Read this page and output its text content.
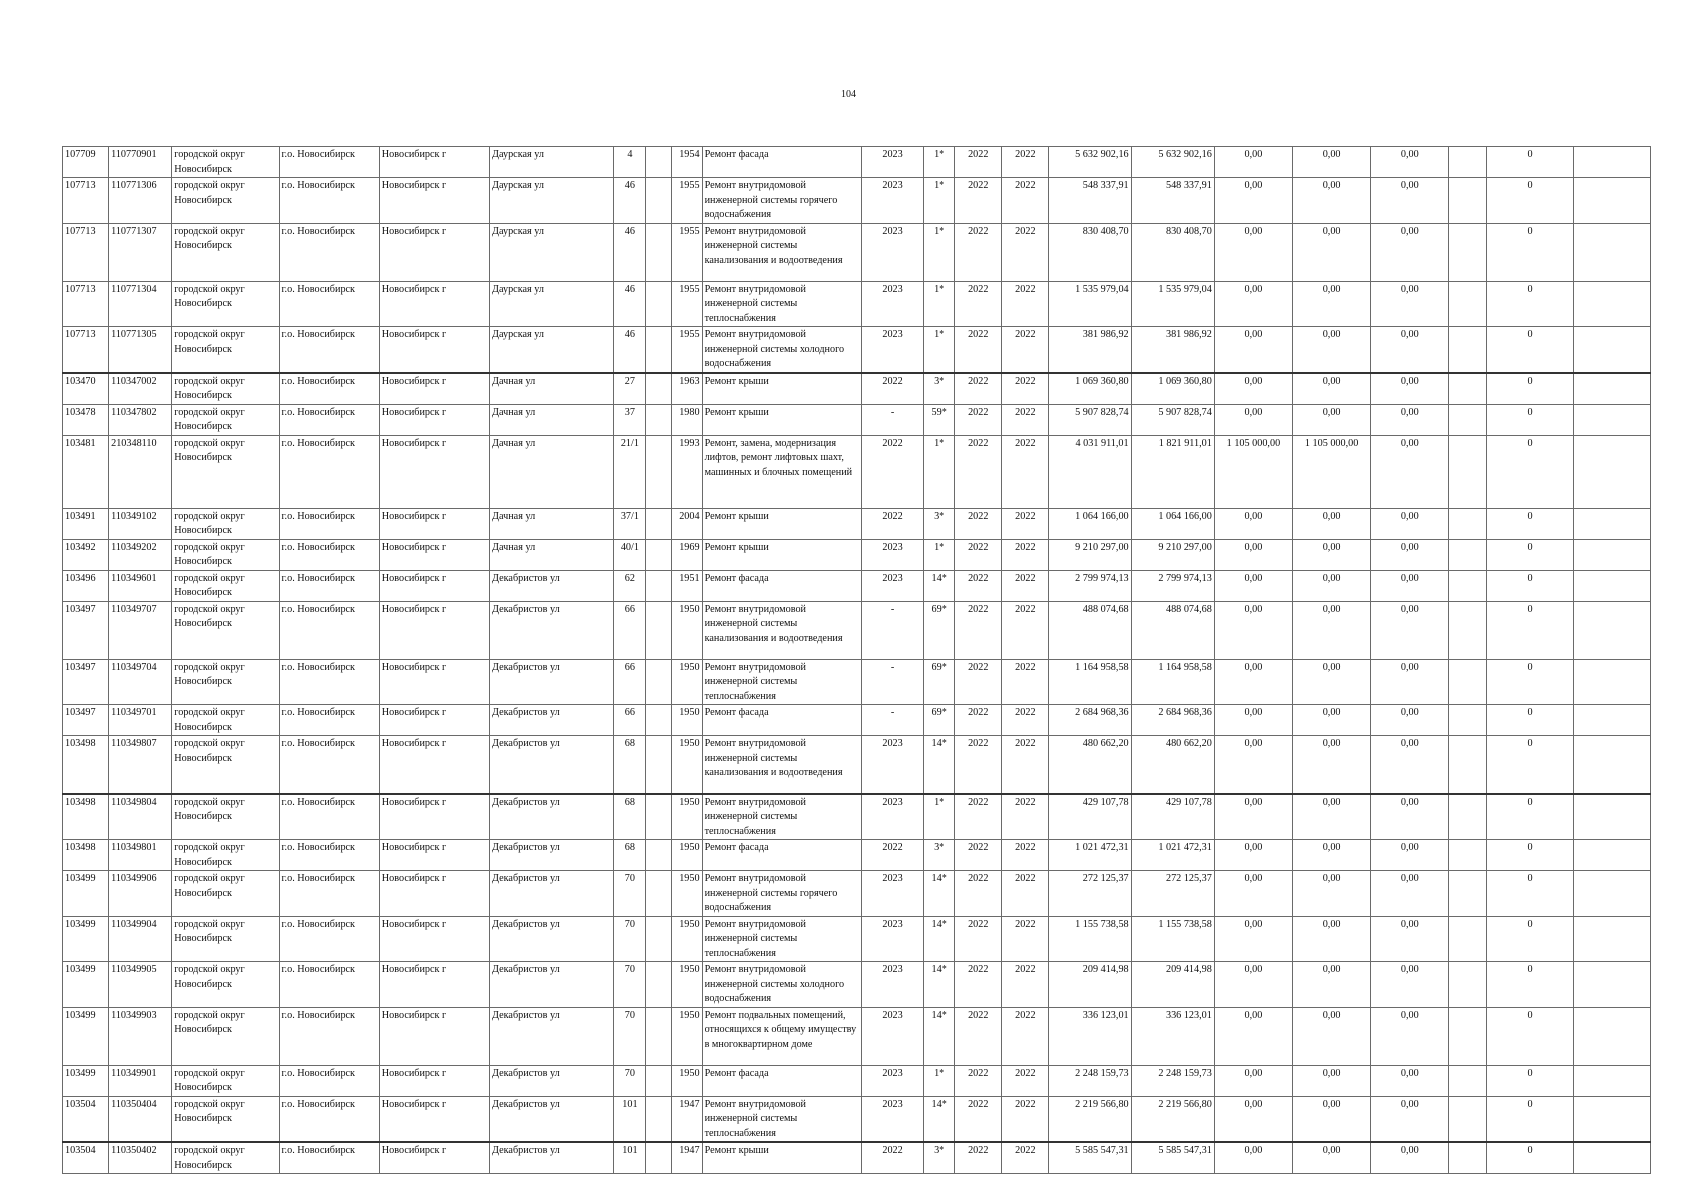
104
107709	110770901	городской округ Новосибирск	г.о. Новосибирск	Новосибирск г	Даурская ул	4		1954	Ремонт фасада	2023	1*	2022	2022	5 632 902,16	5 632 902,16	0,00	0,00	0,00		0	
107713	110771306	городской округ Новосибирск	г.о. Новосибирск	Новосибирск г	Даурская ул	46		1955	Ремонт внутридомовой инженерной системы горячего водоснабжения	2023	1*	2022	2022	548 337,91	548 337,91	0,00	0,00	0,00		0	
107713	110771307	городской округ Новосибирск	г.о. Новосибирск	Новосибирск г	Даурская ул	46		1955	Ремонт внутридомовой инженерной системы канализования и водоотведения	2023	1*	2022	2022	830 408,70	830 408,70	0,00	0,00	0,00		0	
107713	110771304	городской округ Новосибирск	г.о. Новосибирск	Новосибирск г	Даурская ул	46		1955	Ремонт внутридомовой инженерной системы теплоснабжения	2023	1*	2022	2022	1 535 979,04	1 535 979,04	0,00	0,00	0,00		0	
107713	110771305	городской округ Новосибирск	г.о. Новосибирск	Новосибирск г	Даурская ул	46		1955	Ремонт внутридомовой инженерной системы холодного водоснабжения	2023	1*	2022	2022	381 986,92	381 986,92	0,00	0,00	0,00		0	
103470	110347002	городской округ Новосибирск	г.о. Новосибирск	Новосибирск г	Дачная ул	27		1963	Ремонт крыши	2022	3*	2022	2022	1 069 360,80	1 069 360,80	0,00	0,00	0,00		0	
103478	110347802	городской округ Новосибирск	г.о. Новосибирск	Новосибирск г	Дачная ул	37		1980	Ремонт крыши	-	59*	2022	2022	5 907 828,74	5 907 828,74	0,00	0,00	0,00		0	
103481	210348110	городской округ Новосибирск	г.о. Новосибирск	Новосибирск г	Дачная ул	21/1		1993	Ремонт, замена, модернизация лифтов, ремонт лифтовых шахт, машинных и блочных помещений	2022	1*	2022	2022	4 031 911,01	1 821 911,01	1 105 000,00	1 105 000,00	0,00		0	
103491	110349102	городской округ Новосибирск	г.о. Новосибирск	Новосибирск г	Дачная ул	37/1		2004	Ремонт крыши	2022	3*	2022	2022	1 064 166,00	1 064 166,00	0,00	0,00	0,00		0	
103492	110349202	городской округ Новосибирск	г.о. Новосибирск	Новосибирск г	Дачная ул	40/1		1969	Ремонт крыши	2023	1*	2022	2022	9 210 297,00	9 210 297,00	0,00	0,00	0,00		0	
103496	110349601	городской округ Новосибирск	г.о. Новосибирск	Новосибирск г	Декабристов ул	62		1951	Ремонт фасада	2023	14*	2022	2022	2 799 974,13	2 799 974,13	0,00	0,00	0,00		0	
103497	110349707	городской округ Новосибирск	г.о. Новосибирск	Новосибирск г	Декабристов ул	66		1950	Ремонт внутридомовой инженерной системы канализования и водоотведения	-	69*	2022	2022	488 074,68	488 074,68	0,00	0,00	0,00		0	
103497	110349704	городской округ Новосибирск	г.о. Новосибирск	Новосибирск г	Декабристов ул	66		1950	Ремонт внутридомовой инженерной системы теплоснабжения	-	69*	2022	2022	1 164 958,58	1 164 958,58	0,00	0,00	0,00		0	
103497	110349701	городской округ Новосибирск	г.о. Новосибирск	Новосибирск г	Декабристов ул	66		1950	Ремонт фасада	-	69*	2022	2022	2 684 968,36	2 684 968,36	0,00	0,00	0,00		0	
103498	110349807	городской округ Новосибирск	г.о. Новосибирск	Новосибирск г	Декабристов ул	68		1950	Ремонт внутридомовой инженерной системы канализования и водоотведения	2023	14*	2022	2022	480 662,20	480 662,20	0,00	0,00	0,00		0	
103498	110349804	городской округ Новосибирск	г.о. Новосибирск	Новосибирск г	Декабристов ул	68		1950	Ремонт внутридомовой инженерной системы теплоснабжения	2023	1*	2022	2022	429 107,78	429 107,78	0,00	0,00	0,00		0	
103498	110349801	городской округ Новосибирск	г.о. Новосибирск	Новосибирск г	Декабристов ул	68		1950	Ремонт фасада	2022	3*	2022	2022	1 021 472,31	1 021 472,31	0,00	0,00	0,00		0	
103499	110349906	городской округ Новосибирск	г.о. Новосибирск	Новосибирск г	Декабристов ул	70		1950	Ремонт внутридомовой инженерной системы горячего водоснабжения	2023	14*	2022	2022	272 125,37	272 125,37	0,00	0,00	0,00		0	
103499	110349904	городской округ Новосибирск	г.о. Новосибирск	Новосибирск г	Декабристов ул	70		1950	Ремонт внутридомовой инженерной системы теплоснабжения	2023	14*	2022	2022	1 155 738,58	1 155 738,58	0,00	0,00	0,00		0	
103499	110349905	городской округ Новосибирск	г.о. Новосибирск	Новосибирск г	Декабристов ул	70		1950	Ремонт внутридомовой инженерной системы холодного водоснабжения	2023	14*	2022	2022	209 414,98	209 414,98	0,00	0,00	0,00		0	
103499	110349903	городской округ Новосибирск	г.о. Новосибирск	Новосибирск г	Декабристов ул	70		1950	Ремонт подвальных помещений, относящихся к общему имуществу в многоквартирном доме	2023	14*	2022	2022	336 123,01	336 123,01	0,00	0,00	0,00		0	
103499	110349901	городской округ Новосибирск	г.о. Новосибирск	Новосибирск г	Декабристов ул	70		1950	Ремонт фасада	2023	1*	2022	2022	2 248 159,73	2 248 159,73	0,00	0,00	0,00		0	
103504	110350404	городской округ Новосибирск	г.о. Новосибирск	Новосибирск г	Декабристов ул	101		1947	Ремонт внутридомовой инженерной системы теплоснабжения	2023	14*	2022	2022	2 219 566,80	2 219 566,80	0,00	0,00	0,00		0	
103504	110350402	городской округ Новосибирск	г.о. Новосибирск	Новосибирск г	Декабристов ул	101		1947	Ремонт крыши	2022	3*	2022	2022	5 585 547,31	5 585 547,31	0,00	0,00	0,00		0	
